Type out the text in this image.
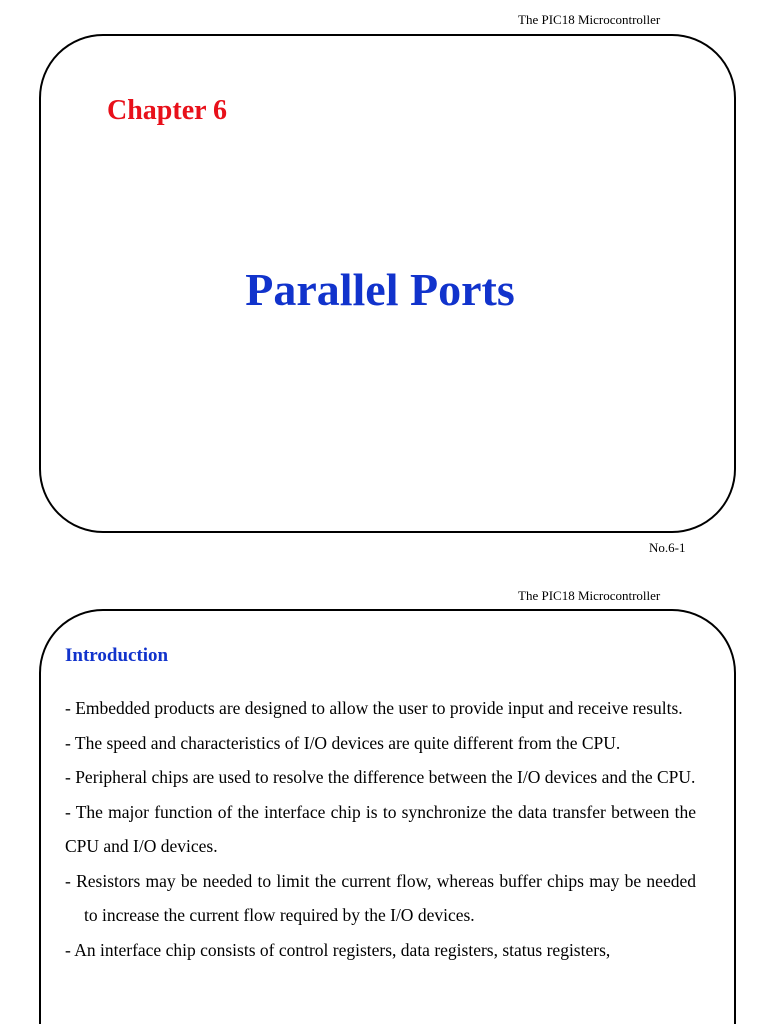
The PIC18 Microcontroller
Chapter 6
Parallel Ports
No.6-1
The PIC18 Microcontroller
Introduction

- Embedded products are designed to allow the user to provide input and receive results.

- The speed and characteristics of I/O devices are quite different from the CPU.

- Peripheral chips are used to resolve the difference between the I/O devices and the CPU.

- The major function of the interface chip is to synchronize the data transfer between the CPU and I/O devices.

- Resistors may be needed to limit the current flow, whereas buffer chips may be needed to increase the current flow required by the I/O devices.

- An interface chip consists of control registers, data registers, status registers,
